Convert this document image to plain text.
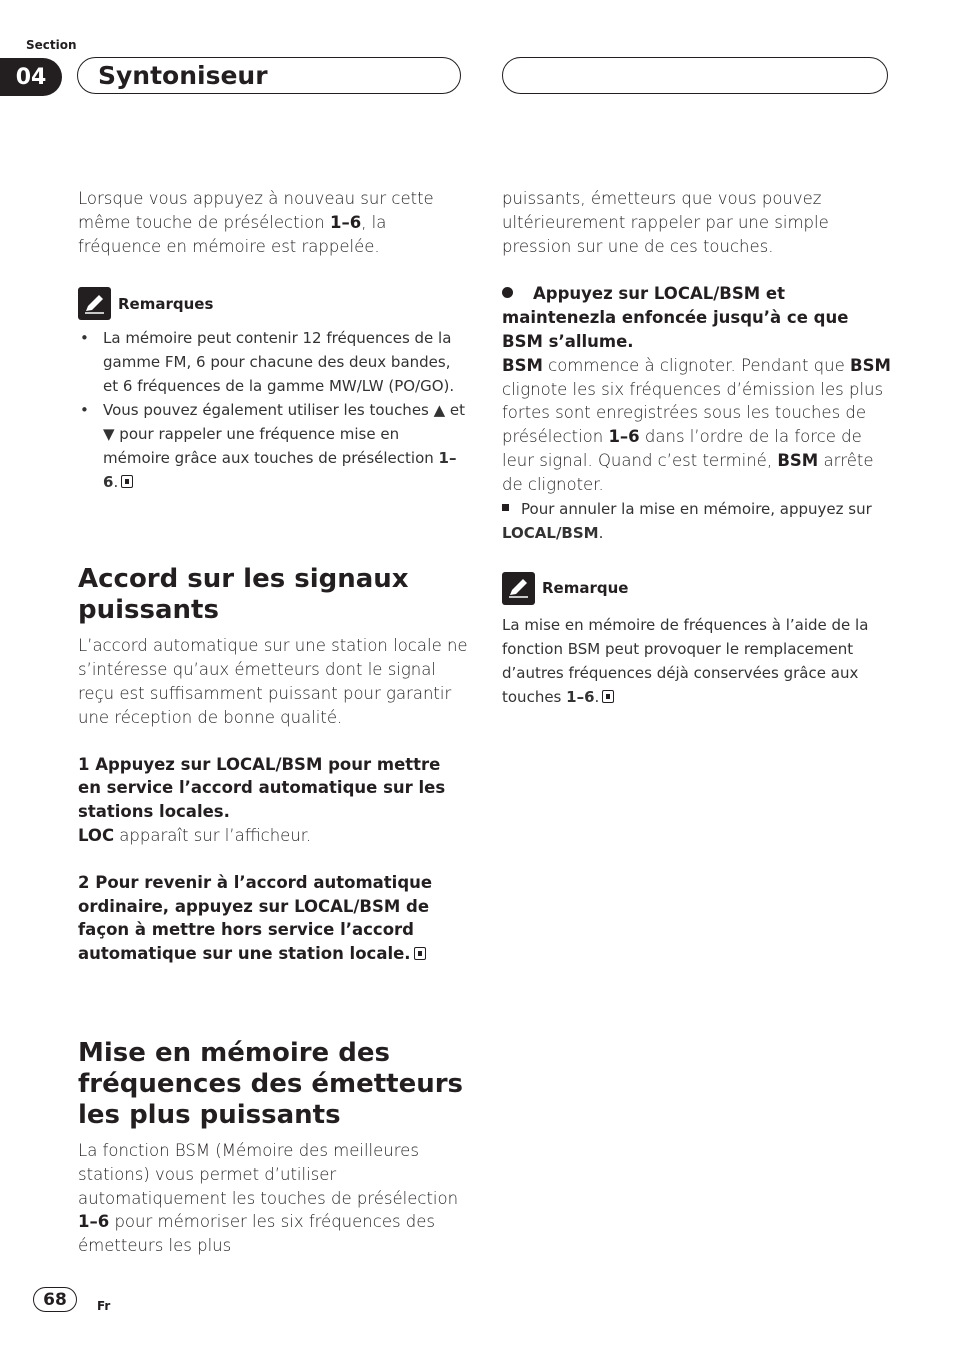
Section
04	Syntoniseur

Lorsque vous appuyez à nouveau sur cette même touche de présélection 1–6, la fréquence en mémoire est rappelée.

Remarques
• La mémoire peut contenir 12 fréquences de la gamme FM, 6 pour chacune des deux bandes, et 6 fréquences de la gamme MW/LW (PO/GO).
• Vous pouvez également utiliser les touches ▲ et ▼ pour rappeler une fréquence mise en mémoire grâce aux touches de présélection 1–6.
Accord sur les signaux puissants

L’accord automatique sur une station locale ne s’intéresse qu’aux émetteurs dont le signal reçu est suffisamment puissant pour garantir une réception de bonne qualité.

1 Appuyez sur LOCAL/BSM pour mettre en service l’accord automatique sur les stations locales.

LOC apparaît sur l’afficheur.

2 Pour revenir à l’accord automatique ordinaire, appuyez sur LOCAL/BSM de façon à mettre hors service l’accord automatique sur une station locale.

Mise en mémoire des fréquences des émetteurs les plus puissants

La fonction BSM (Mémoire des meilleures stations) vous permet d’utiliser automatiquement les touches de présélection 1–6 pour mémoriser les six fréquences des émetteurs les plus

puissants, émetteurs que vous pouvez ultérieurement rappeler par une simple pression sur une de ces touches.

Appuyez sur LOCAL/BSM et maintenezla enfoncée jusqu’à ce que BSM s’allume.

BSM commence à clignoter. Pendant que BSM clignote les six fréquences d’émission les plus fortes sont enregistrées sous les touches de présélection 1–6 dans l’ordre de la force de leur signal. Quand c’est terminé, BSM arrête de clignoter.

Pour annuler la mise en mémoire, appuyez sur LOCAL/BSM.

Remarque

La mise en mémoire de fréquences à l’aide de la fonction BSM peut provoquer le remplacement d’autres fréquences déjà conservées grâce aux touches 1–6.

68	Fr
